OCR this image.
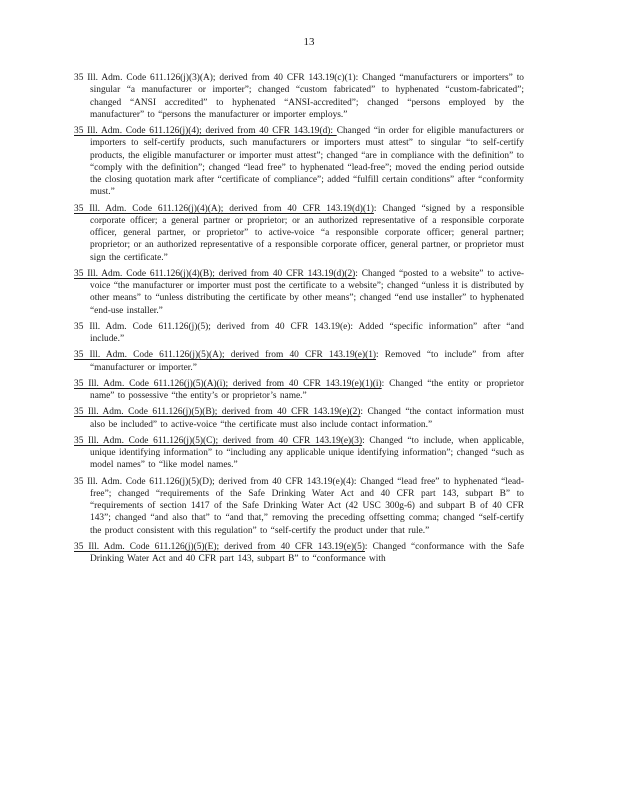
13

35 Ill. Adm. Code 611.126(j)(3)(A); derived from 40 CFR 143.19(c)(1): Changed “manufacturers or importers” to singular “a manufacturer or importer”; changed “custom fabricated” to hyphenated “custom-fabricated”; changed “ANSI accredited” to hyphenated “ANSI-accredited”; changed “persons employed by the manufacturer” to “persons the manufacturer or importer employs.”

35 Ill. Adm. Code 611.126(j)(4); derived from 40 CFR 143.19(d): Changed “in order for eligible manufacturers or importers to self-certify products, such manufacturers or importers must attest” to singular “to self-certify products, the eligible manufacturer or importer must attest”; changed “are in compliance with the definition” to “comply with the definition”; changed “lead free” to hyphenated “lead-free”; moved the ending period outside the closing quotation mark after “certificate of compliance”; added “fulfill certain conditions” after “conformity must.”

35 Ill. Adm. Code 611.126(j)(4)(A); derived from 40 CFR 143.19(d)(1): Changed “signed by a responsible corporate officer; a general partner or proprietor; or an authorized representative of a responsible corporate officer, general partner, or proprietor” to active-voice “a responsible corporate officer; general partner; proprietor; or an authorized representative of a responsible corporate officer, general partner, or proprietor must sign the certificate.”

35 Ill. Adm. Code 611.126(j)(4)(B); derived from 40 CFR 143.19(d)(2): Changed “posted to a website” to active-voice “the manufacturer or importer must post the certificate to a website”; changed “unless it is distributed by other means” to “unless distributing the certificate by other means”; changed “end use installer” to hyphenated “end-use installer.”

35 Ill. Adm. Code 611.126(j)(5); derived from 40 CFR 143.19(e): Added “specific information” after “and include.”

35 Ill. Adm. Code 611.126(j)(5)(A); derived from 40 CFR 143.19(e)(1): Removed “to include” from after “manufacturer or importer.”

35 Ill. Adm. Code 611.126(j)(5)(A)(i); derived from 40 CFR 143.19(e)(1)(i): Changed “the entity or proprietor name” to possessive “the entity’s or proprietor’s name.”

35 Ill. Adm. Code 611.126(j)(5)(B); derived from 40 CFR 143.19(e)(2): Changed “the contact information must also be included” to active-voice “the certificate must also include contact information.”

35 Ill. Adm. Code 611.126(j)(5)(C); derived from 40 CFR 143.19(e)(3): Changed “to include, when applicable, unique identifying information” to “including any applicable unique identifying information”; changed “such as model names” to “like model names.”

35 Ill. Adm. Code 611.126(j)(5)(D); derived from 40 CFR 143.19(e)(4): Changed “lead free” to hyphenated “lead-free”; changed “requirements of the Safe Drinking Water Act and 40 CFR part 143, subpart B” to “requirements of section 1417 of the Safe Drinking Water Act (42 USC 300g-6) and subpart B of 40 CFR 143”; changed “and also that” to “and that,” removing the preceding offsetting comma; changed “self-certify the product consistent with this regulation” to “self-certify the product under that rule.”

35 Ill. Adm. Code 611.126(j)(5)(E); derived from 40 CFR 143.19(e)(5): Changed “conformance with the Safe Drinking Water Act and 40 CFR part 143, subpart B” to “conformance with
